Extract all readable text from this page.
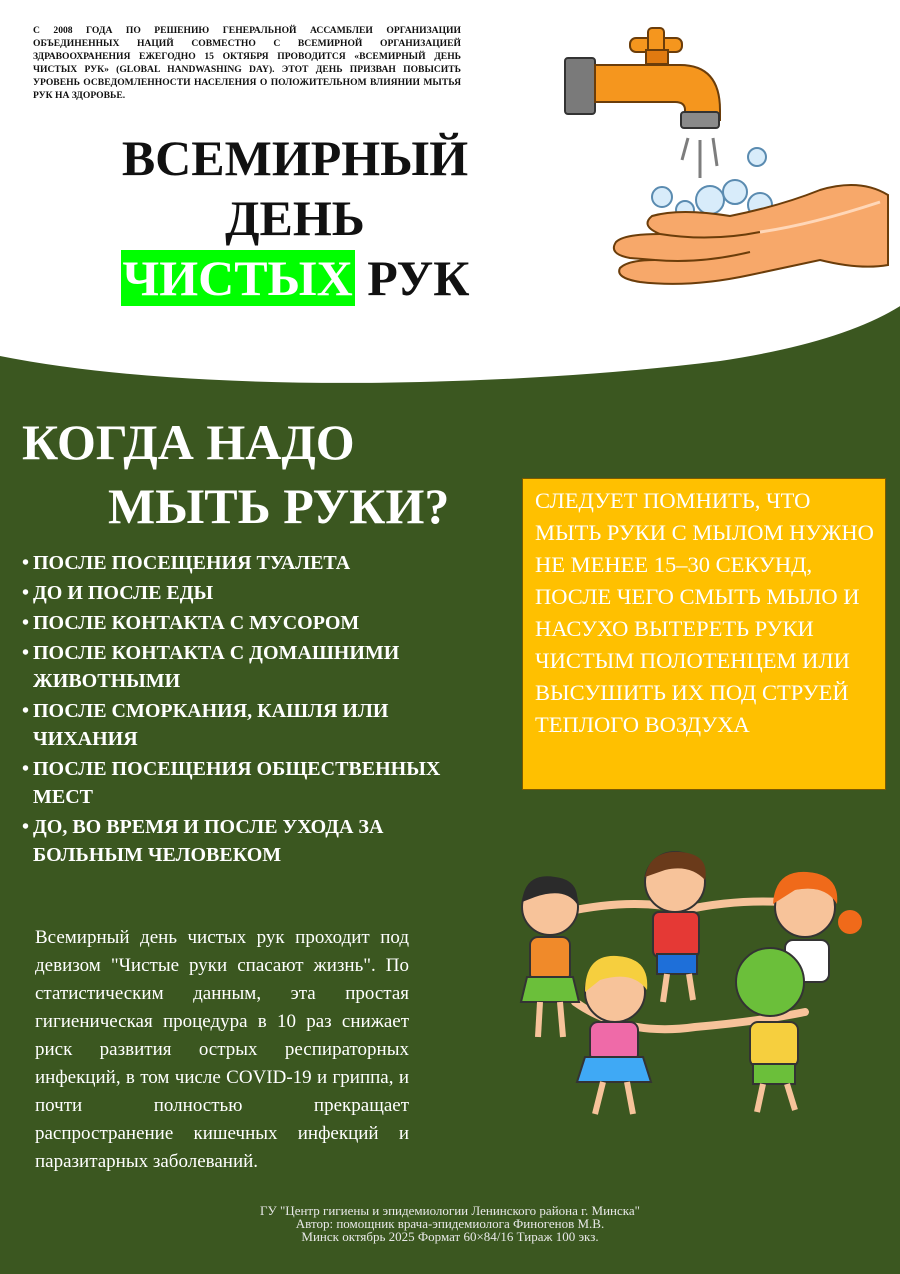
С 2008 ГОДА ПО РЕШЕНИЮ ГЕНЕРАЛЬНОЙ АССАМБЛЕИ ОРГАНИЗАЦИИ ОБЪЕДИНЕННЫХ НАЦИЙ СОВМЕСТНО С ВСЕМИРНОЙ ОРГАНИЗАЦИЕЙ ЗДРАВООХРАНЕНИЯ ЕЖЕГОДНО 15 ОКТЯБРЯ ПРОВОДИТСЯ «ВСЕМИРНЫЙ ДЕНЬ ЧИСТЫХ РУК» (GLOBAL HANDWASHING DAY). ЭТОТ ДЕНЬ ПРИЗВАН ПОВЫСИТЬ УРОВЕНЬ ОСВЕДОМЛЕННОСТИ НАСЕЛЕНИЯ О ПОЛОЖИТЕЛЬНОМ ВЛИЯНИИ МЫТЬЯ РУК НА ЗДОРОВЬЕ.
ВСЕМИРНЫЙ
ДЕНЬ
ЧИСТЫХ РУК
КОГДА НАДО
МЫТЬ РУКИ?
• ПОСЛЕ ПОСЕЩЕНИЯ ТУАЛЕТА
• ДО И ПОСЛЕ ЕДЫ
• ПОСЛЕ КОНТАКТА С МУСОРОМ
• ПОСЛЕ КОНТАКТА С ДОМАШНИМИ ЖИВОТНЫМИ
• ПОСЛЕ СМОРКАНИЯ, КАШЛЯ ИЛИ ЧИХАНИЯ
• ПОСЛЕ ПОСЕЩЕНИЯ ОБЩЕСТВЕННЫХ МЕСТ
• ДО, ВО ВРЕМЯ И ПОСЛЕ УХОДА ЗА БОЛЬНЫМ ЧЕЛОВЕКОМ
СЛЕДУЕТ ПОМНИТЬ, ЧТО МЫТЬ РУКИ С МЫЛОМ НУЖНО НЕ МЕНЕЕ 15–30 СЕКУНД, ПОСЛЕ ЧЕГО СМЫТЬ МЫЛО И НАСУХО ВЫТЕРЕТЬ РУКИ ЧИСТЫМ ПОЛОТЕНЦЕМ ИЛИ ВЫСУШИТЬ ИХ ПОД СТРУЕЙ ТЕПЛОГО ВОЗДУХА
Всемирный день чистых рук проходит под девизом "Чистые руки спасают жизнь". По статистическим данным, эта простая гигиеническая процедура в 10 раз снижает риск развития острых респираторных инфекций, в том числе COVID-19 и гриппа, и почти полностью прекращает распространение кишечных инфекций и паразитарных заболеваний.
ГУ "Центр гигиены и эпидемиологии Ленинского района г. Минска"
Автор: помощник врача-эпидемиолога Финогенов М.В.
Минск октябрь 2025 Формат 60×84/16 Тираж 100 экз.
